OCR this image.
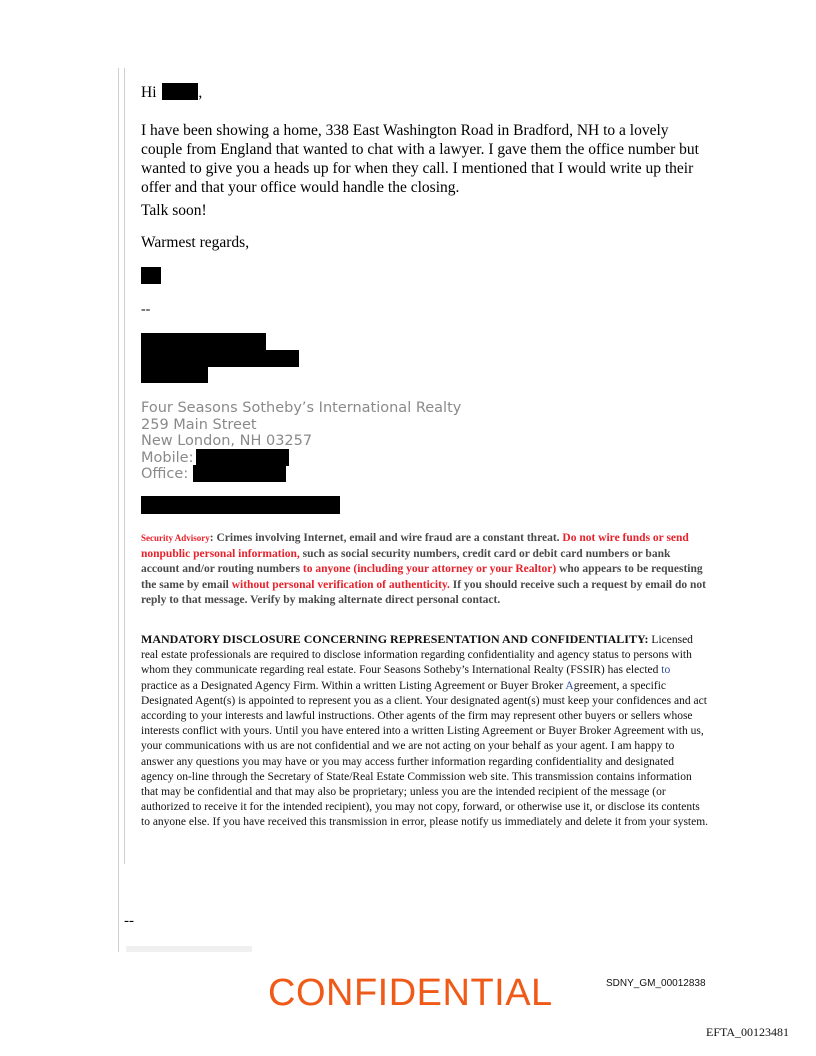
Hi	,

I have been showing a home, 338 East Washington Road in Bradford, NH to a lovely couple from England that wanted to chat with a lawyer. I gave them the office number but wanted to give you a heads up for when they call. I mentioned that I would write up their offer and that your office would handle the closing.

Talk soon!

Warmest regards,

--

Four Seasons Sotheby’s International Realty
259 Main Street
New London, NH 03257
Mobile:
Office:
Security Advisory: Crimes involving Internet, email and wire fraud are a constant threat. Do not wire funds or send nonpublic personal information, such as social security numbers, credit card or debit card numbers or bank account and/or routing numbers to anyone (including your attorney or your Realtor) who appears to be requesting the same by email without personal verification of authenticity. If you should receive such a request by email do not reply to that message. Verify by making alternate direct personal contact.
MANDATORY DISCLOSURE CONCERNING REPRESENTATION AND CONFIDENTIALITY: Licensed real estate professionals are required to disclose information regarding confidentiality and agency status to persons with whom they communicate regarding real estate. Four Seasons Sotheby’s International Realty (FSSIR) has elected to practice as a Designated Agency Firm. Within a written Listing Agreement or Buyer Broker Agreement, a specific Designated Agent(s) is appointed to represent you as a client. Your designated agent(s) must keep your confidences and act according to your interests and lawful instructions. Other agents of the firm may represent other buyers or sellers whose interests conflict with yours. Until you have entered into a written Listing Agreement or Buyer Broker Agreement with us, your communications with us are not confidential and we are not acting on your behalf as your agent. I am happy to answer any questions you may have or you may access further information regarding confidentiality and designated agency on-line through the Secretary of State/Real Estate Commission web site. This transmission contains information that may be confidential and that may also be proprietary; unless you are the intended recipient of the message (or authorized to receive it for the intended recipient), you may not copy, forward, or otherwise use it, or disclose its contents to anyone else. If you have received this transmission in error, please notify us immediately and delete it from your system.
--
CONFIDENTIAL	SDNY_GM_00012838
EFTA_00123481
